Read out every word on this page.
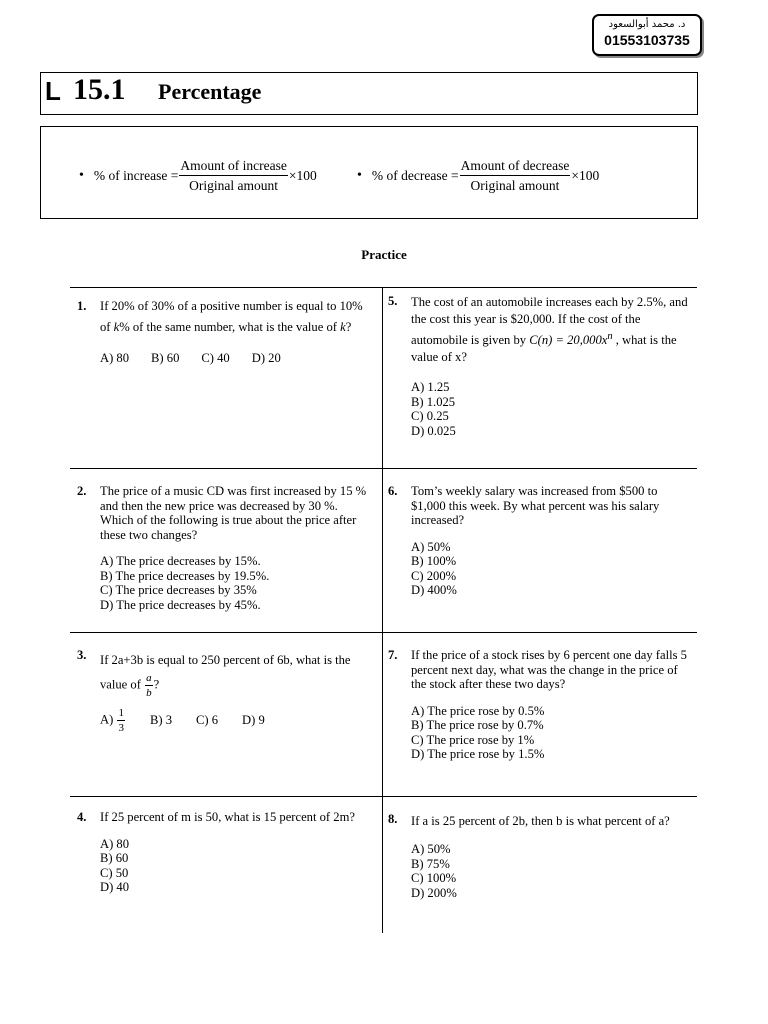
د. محمد أبوالسعود
01553103735
L 15.1 Percentage
• % of increase = $\frac{\text{Amount of increase}}{\text{Original amount}} \times 100$	• % of decrease = $\frac{\text{Amount of decrease}}{\text{Original amount}} \times 100$
Practice
1. If 20% of 30% of a positive number is equal to 10% of k% of the same number, what is the value of k?
A) 80 B) 60 C) 40 D) 20
5. The cost of an automobile increases each by 2.5%, and the cost this year is $20,000. If the cost of the automobile is given by $C(n) = 20,000x^n$ , what is the value of x?
A) 1.25
B) 1.025
C) 0.25
D) 0.025
2. The price of a music CD was first increased by 15 % and then the new price was decreased by 30 %. Which of the following is true about the price after these two changes?
A) The price decreases by 15%.
B) The price decreases by 19.5%.
C) The price decreases by 35%
D) The price decreases by 45%.
6. Tom’s weekly salary was increased from $500 to $1,000 this week. By what percent was his salary increased?
A) 50%
B) 100%
C) 200%
D) 400%
3. If 2a+3b is equal to 250 percent of 6b, what is the value of $\frac{a}{b}$ ?
$A) \frac{1}{3} B$) 3 C) 6 D) 9
7. If the price of a stock rises by 6 percent one day falls 5 percent next day, what was the change in the price of the stock after these two days?
A) The price rose by 0.5%
B) The price rose by 0.7%
C) The price rose by 1%
D) The price rose by 1.5%
4. If 25 percent of m is 50, what is 15 percent of 2m?
A) 80
B) 60
C) 50
D) 40
8. If a is 25 percent of 2b, then b is what percent of a?
A) 50%
B) 75%
C) 100%
D) 200%
